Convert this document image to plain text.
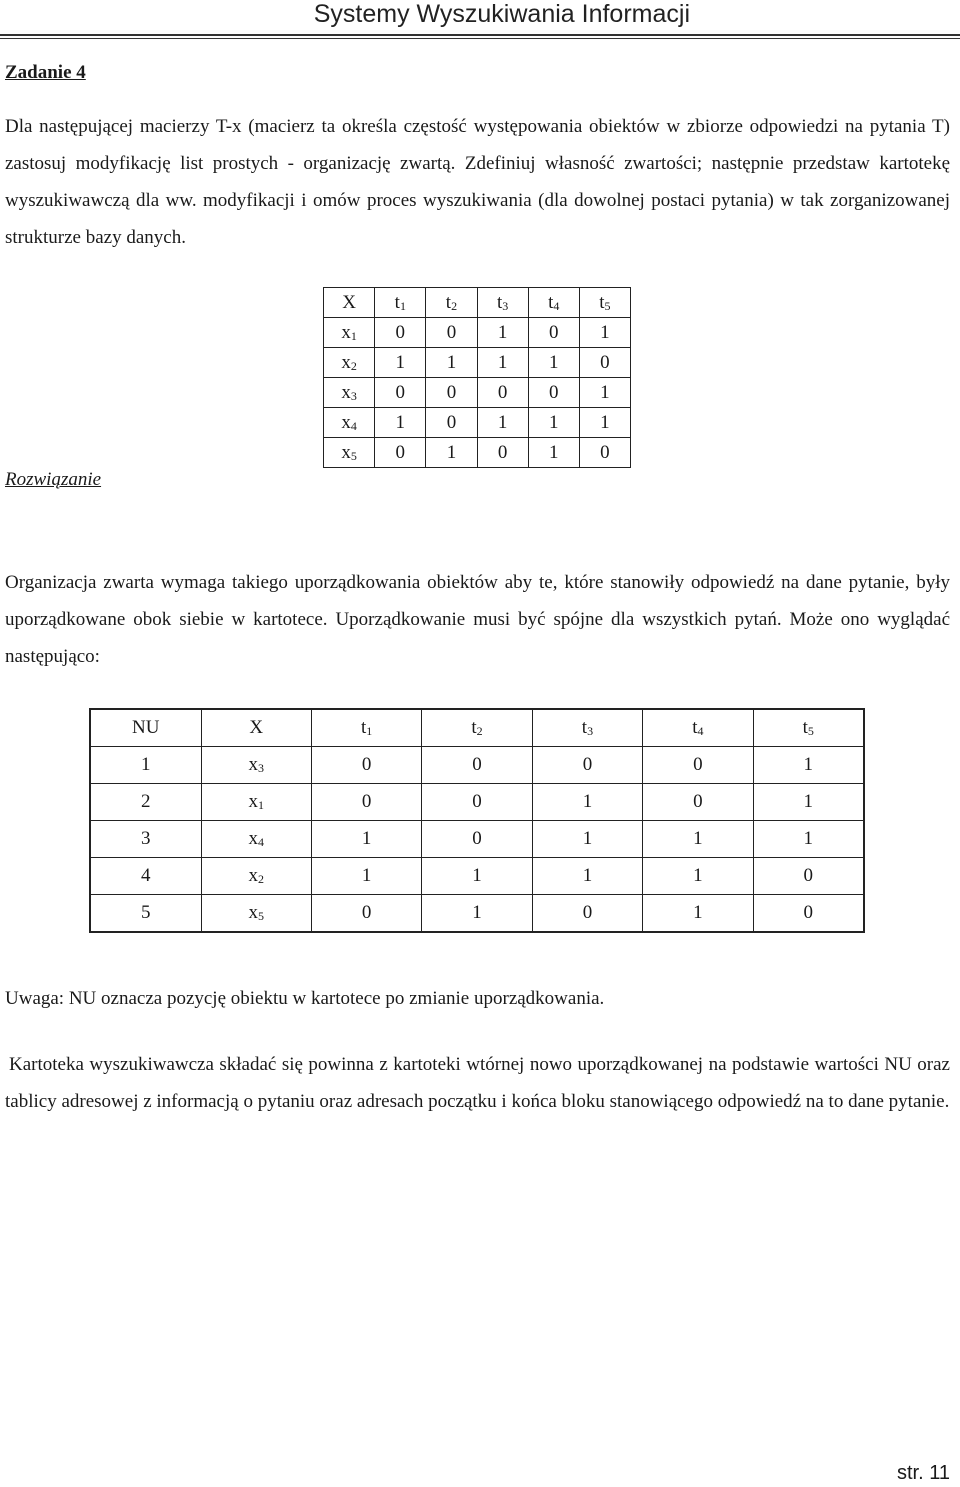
Systemy Wyszukiwania Informacji
Zadanie 4
Dla następującej macierzy T-x (macierz ta określa częstość występowania obiektów w zbiorze odpowiedzi na pytania T) zastosuj modyfikację list prostych - organizację zwartą. Zdefiniuj własność zwartości; następnie przedstaw kartotekę wyszukiwawczą dla ww. modyfikacji i omów proces wyszukiwania (dla dowolnej postaci pytania) w tak zorganizowanej strukturze bazy danych.
Rozwiązanie
X	$t_1$	$t_2$	$t_3$	$t_4$	$t_5$
$x_1$	0	0	1	0	1
$x_2$	1	1	1	1	0
$x_3$	0	0	0	0	1
$x_4$	1	0	1	1	1
$x_5$	0	1	0	1	0
Organizacja zwarta wymaga takiego uporządkowania obiektów aby te, które stanowiły odpowiedź na dane pytanie, były uporządkowane obok siebie w kartotece. Uporządkowanie musi być spójne dla wszystkich pytań. Może ono wyglądać następująco:
NU	X	$t_1$	$t_2$	$t_3$	$t_4$	$t_5$
1	$x_3$	0	0	0	0	1
2	$x_1$	0	0	1	0	1
3	$x_4$	1	0	1	1	1
4	$x_2$	1	1	1	1	0
5	$x_5$	0	1	0	1	0
Uwaga: NU oznacza pozycję obiektu w kartotece po zmianie uporządkowania.
Kartoteka wyszukiwawcza składać się powinna z kartoteki wtórnej nowo uporządkowanej na podstawie wartości NU oraz tablicy adresowej z informacją o pytaniu oraz adresach początku i końca bloku stanowiącego odpowiedź na to dane pytanie.
str. 11
